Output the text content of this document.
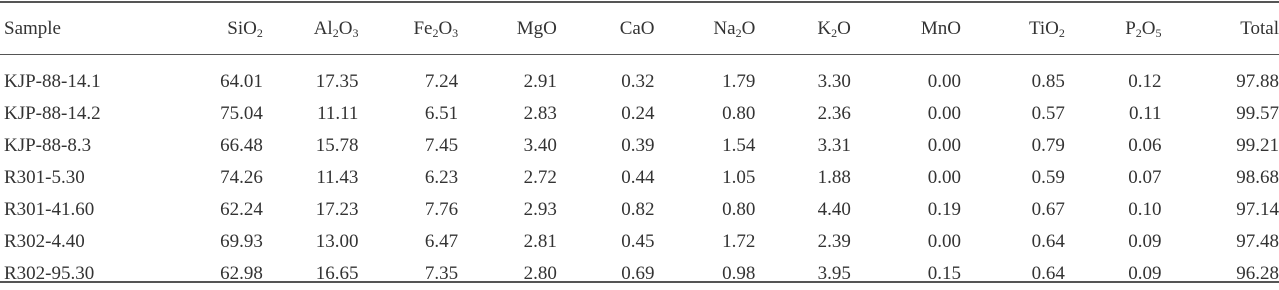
Sample	SiO$_2$	$Al_2O_3$	$Fe_2O_3$	MgO	CaO	$Na_2O$	$K_2O$	MnO	TiO$_2$	$P_2O_5$	Total
KJP-88-14.1	64.01	17.35	7.24	2.91	0.32	1.79	3.30	0.00	0.85	0.12	97.88
KJP-88-14.2	75.04	11.11	6.51	2.83	0.24	0.80	2.36	0.00	0.57	0.11	99.57
KJP-88-8.3	66.48	15.78	7.45	3.40	0.39	1.54	3.31	0.00	0.79	0.06	99.21
R301-5.30	74.26	11.43	6.23	2.72	0.44	1.05	1.88	0.00	0.59	0.07	98.68
R301-41.60	62.24	17.23	7.76	2.93	0.82	0.80	4.40	0.19	0.67	0.10	97.14
R302-4.40	69.93	13.00	6.47	2.81	0.45	1.72	2.39	0.00	0.64	0.09	97.48
R302-95.30	62.98	16.65	7.35	2.80	0.69	0.98	3.95	0.15	0.64	0.09	96.28
